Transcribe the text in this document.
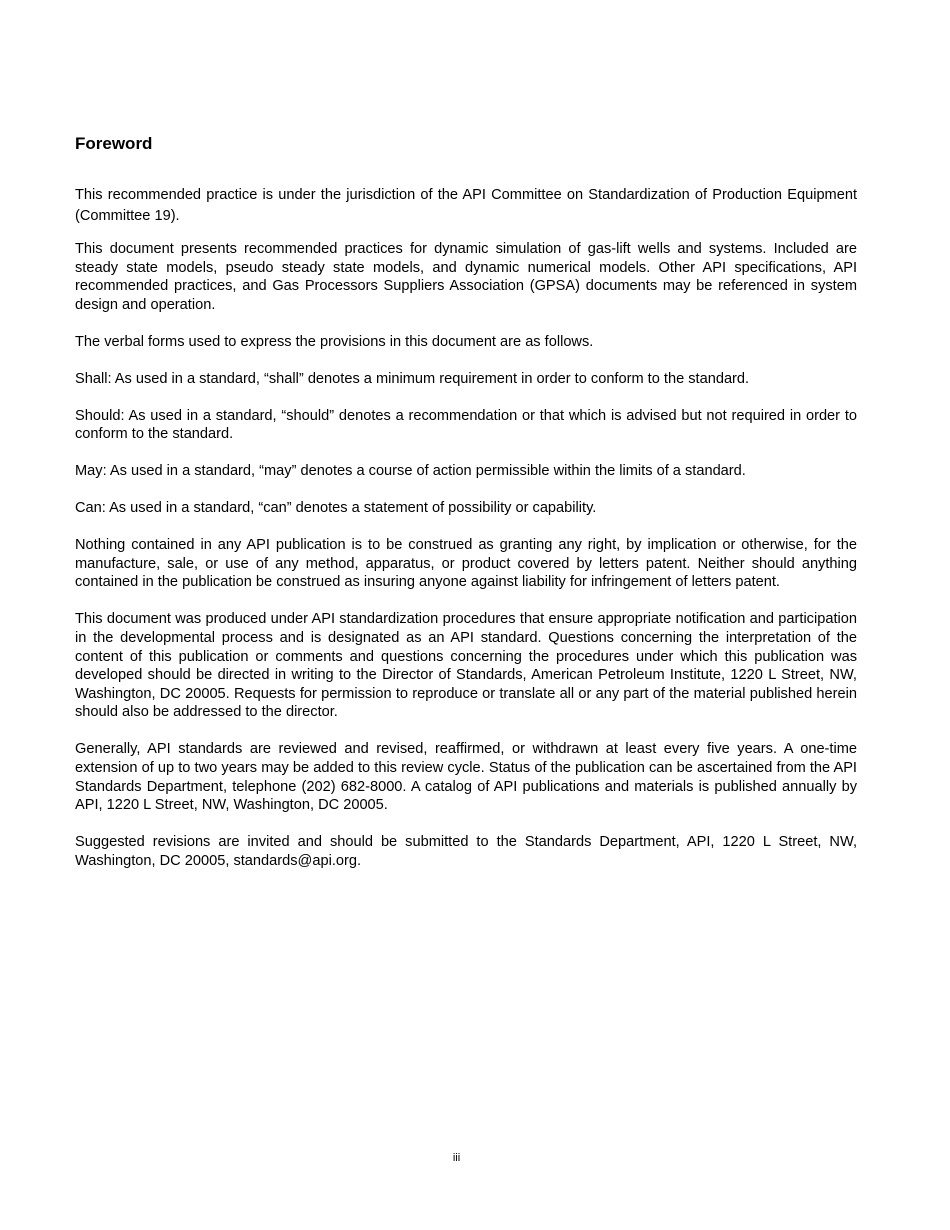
Foreword

This recommended practice is under the jurisdiction of the API Committee on Standardization of Production Equipment (Committee 19).

This document presents recommended practices for dynamic simulation of gas-lift wells and systems. Included are steady state models, pseudo steady state models, and dynamic numerical models. Other API specifications, API recommended practices, and Gas Processors Suppliers Association (GPSA) documents may be referenced in system design and operation.

The verbal forms used to express the provisions in this document are as follows.

Shall: As used in a standard, “shall” denotes a minimum requirement in order to conform to the standard.

Should: As used in a standard, “should” denotes a recommendation or that which is advised but not required in order to conform to the standard.

May: As used in a standard, “may” denotes a course of action permissible within the limits of a standard.

Can: As used in a standard, “can” denotes a statement of possibility or capability.

Nothing contained in any API publication is to be construed as granting any right, by implication or otherwise, for the manufacture, sale, or use of any method, apparatus, or product covered by letters patent. Neither should anything contained in the publication be construed as insuring anyone against liability for infringement of letters patent.

This document was produced under API standardization procedures that ensure appropriate notification and participation in the developmental process and is designated as an API standard. Questions concerning the interpretation of the content of this publication or comments and questions concerning the procedures under which this publication was developed should be directed in writing to the Director of Standards, American Petroleum Institute, 1220 L Street, NW, Washington, DC 20005. Requests for permission to reproduce or translate all or any part of the material published herein should also be addressed to the director.

Generally, API standards are reviewed and revised, reaffirmed, or withdrawn at least every five years. A one-time extension of up to two years may be added to this review cycle. Status of the publication can be ascertained from the API Standards Department, telephone (202) 682-8000. A catalog of API publications and materials is published annually by API, 1220 L Street, NW, Washington, DC 20005.

Suggested revisions are invited and should be submitted to the Standards Department, API, 1220 L Street, NW, Washington, DC 20005, standards@api.org.

iii
